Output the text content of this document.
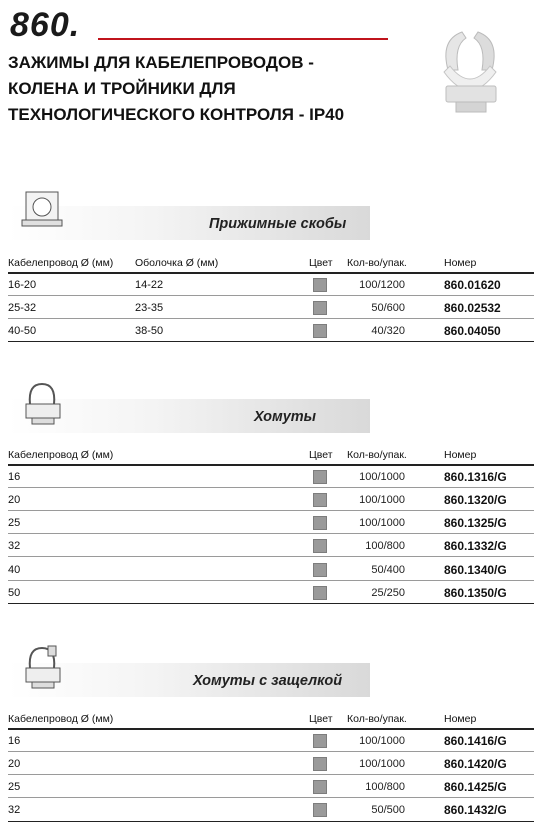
860.
ЗАЖИМЫ ДЛЯ КАБЕЛЕПРОВОДОВ -
КОЛЕНА И ТРОЙНИКИ ДЛЯ
ТЕХНОЛОГИЧЕСКОГО КОНТРОЛЯ - IP40
Прижимные скобы
Кабелепровод Ø (мм) Оболочка Ø (мм)	Цвет Кол-во/упак.	Номер
16-20	14-22	100/1200	860.01620
25-32	23-35	50/600	860.02532
40-50	38-50	40/320	860.04050
Хомуты
Кабелепровод Ø (мм)	Цвет Кол-во/упак.	Номер
16	100/1000	860.1316/G
20	100/1000	860.1320/G
25	100/1000	860.1325/G
32	100/800	860.1332/G
40	50/400	860.1340/G
50	25/250	860.1350/G
Хомуты с защелкой
Кабелепровод Ø (мм)	Цвет Кол-во/упак.	Номер
16	100/1000	860.1416/G
20	100/1000	860.1420/G
25	100/800	860.1425/G
32	50/500	860.1432/G
